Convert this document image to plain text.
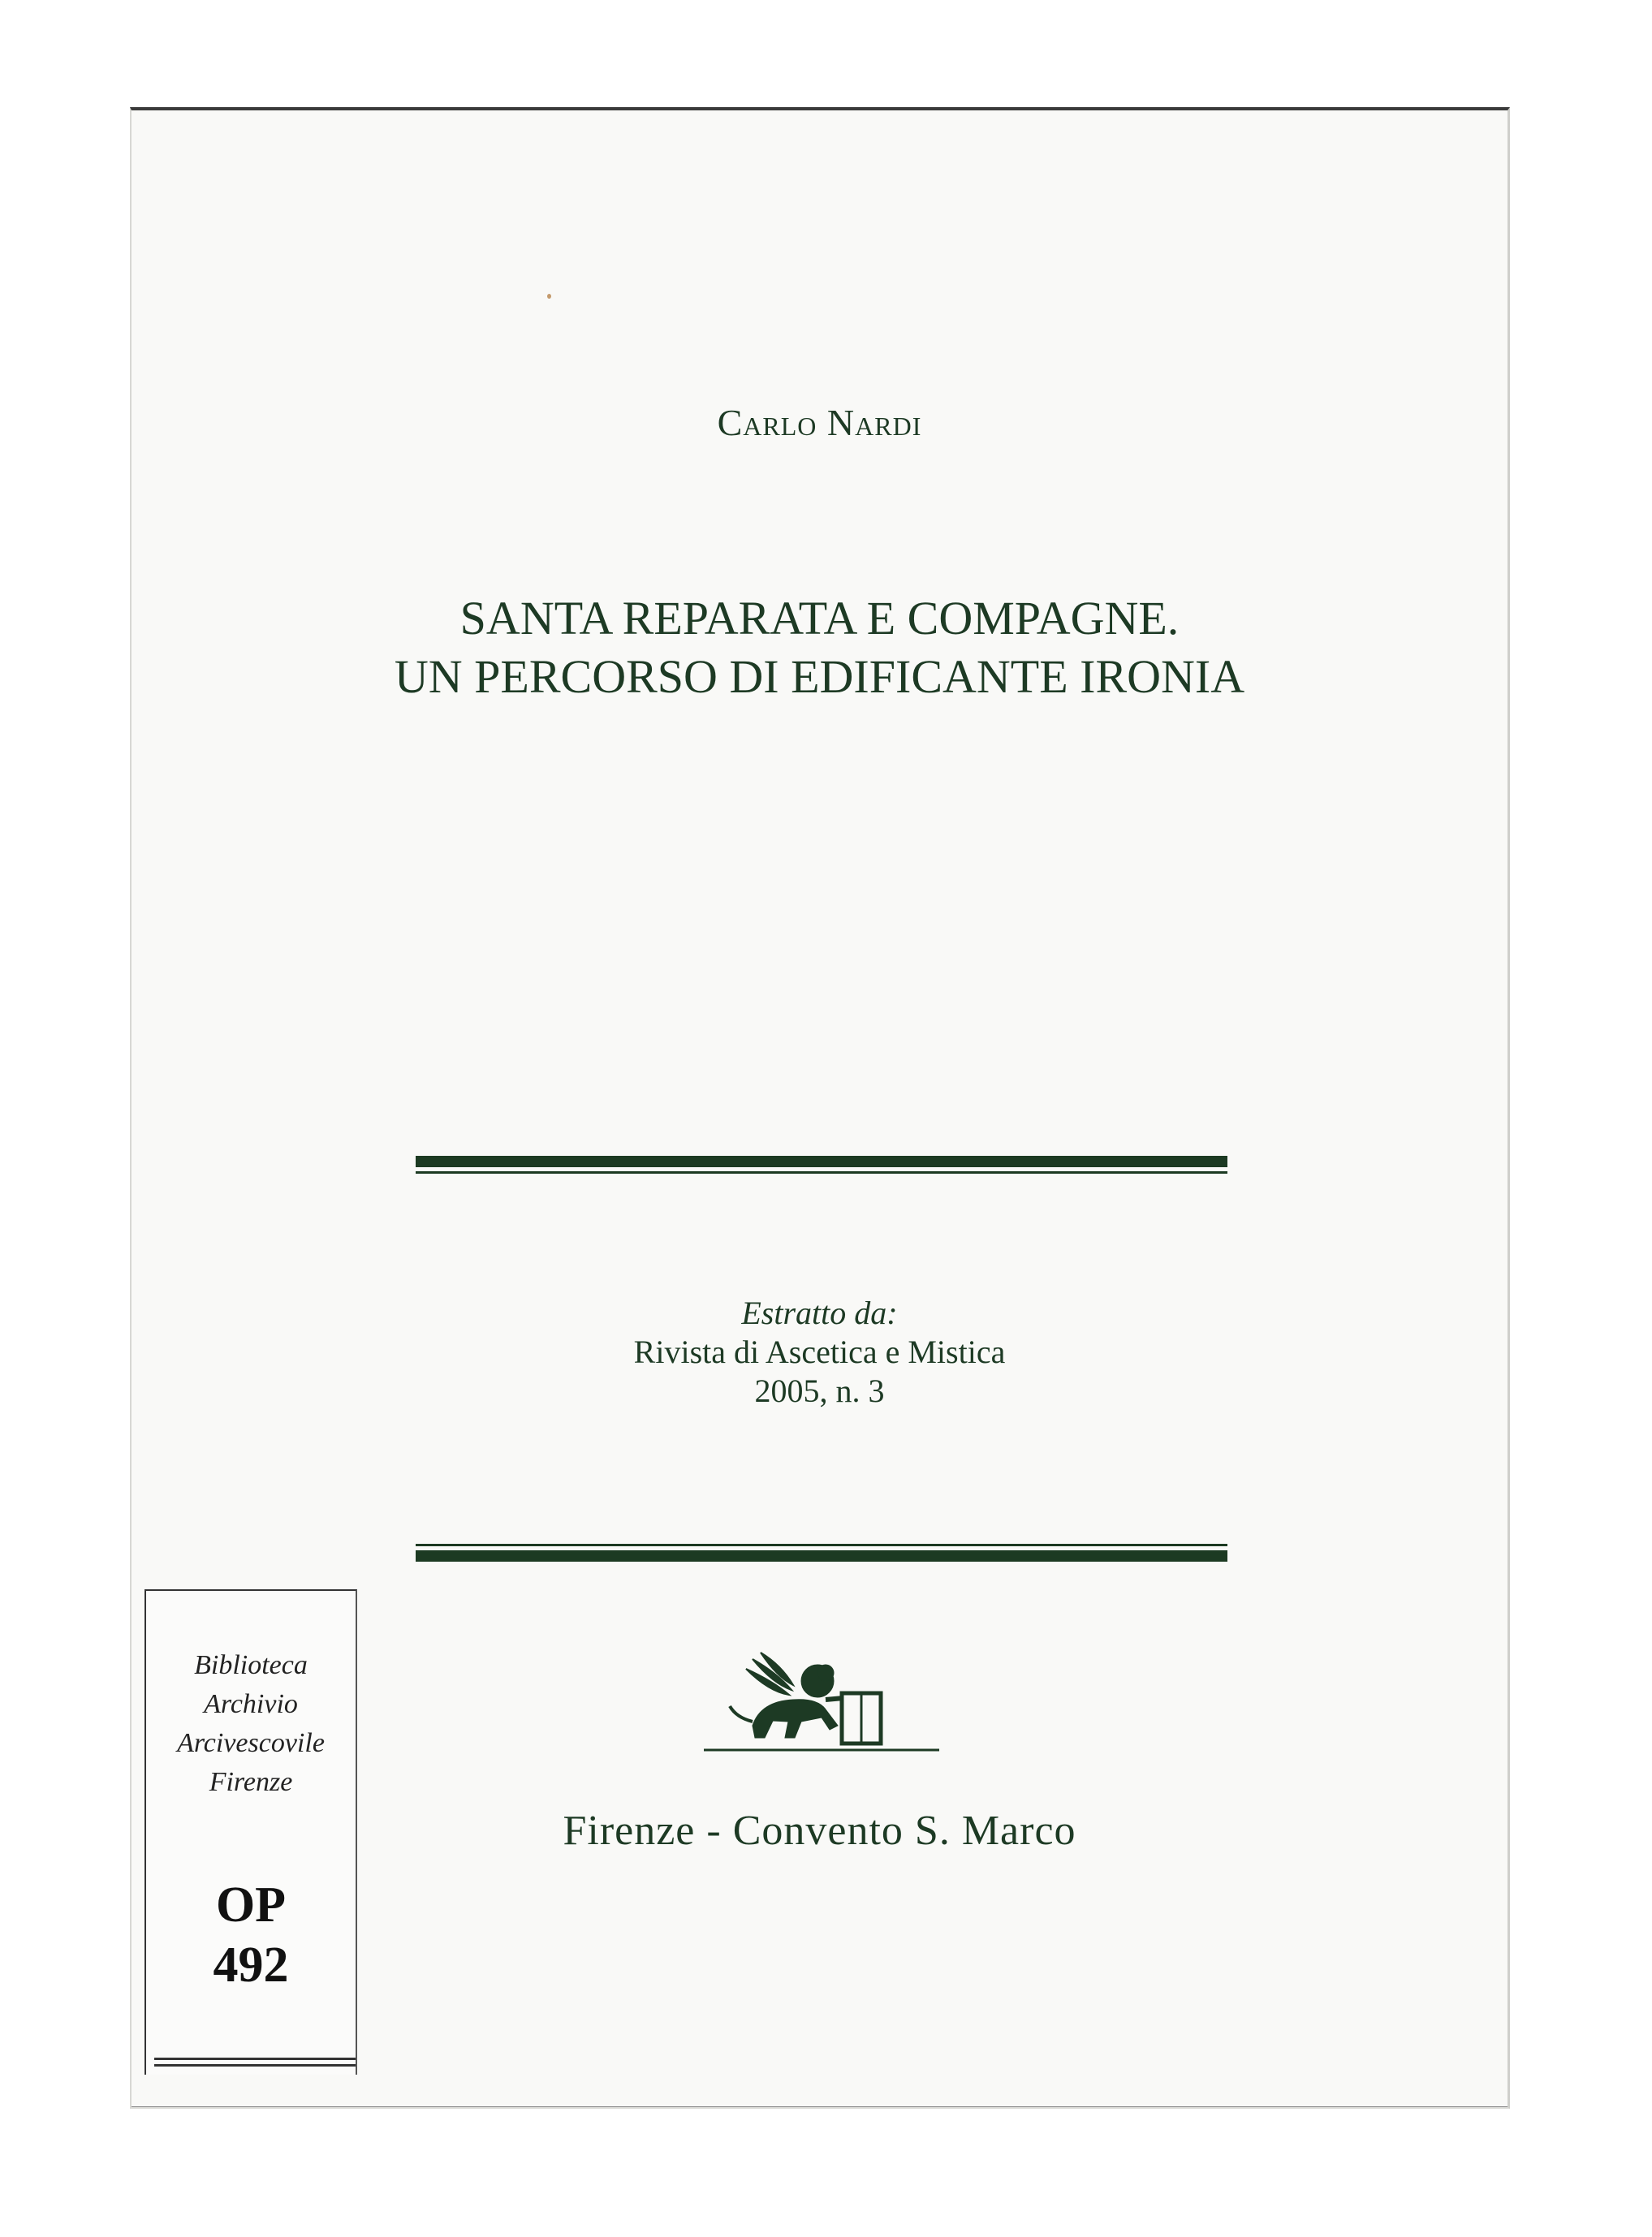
Carlo Nardi
SANTA REPARATA E COMPAGNE.
UN PERCORSO DI EDIFICANTE IRONIA
Estratto da:
Rivista di Ascetica e Mistica
2005, n. 3
Firenze - Convento S. Marco
Biblioteca
Archivio
Arcivescovile
Firenze
OP
492
